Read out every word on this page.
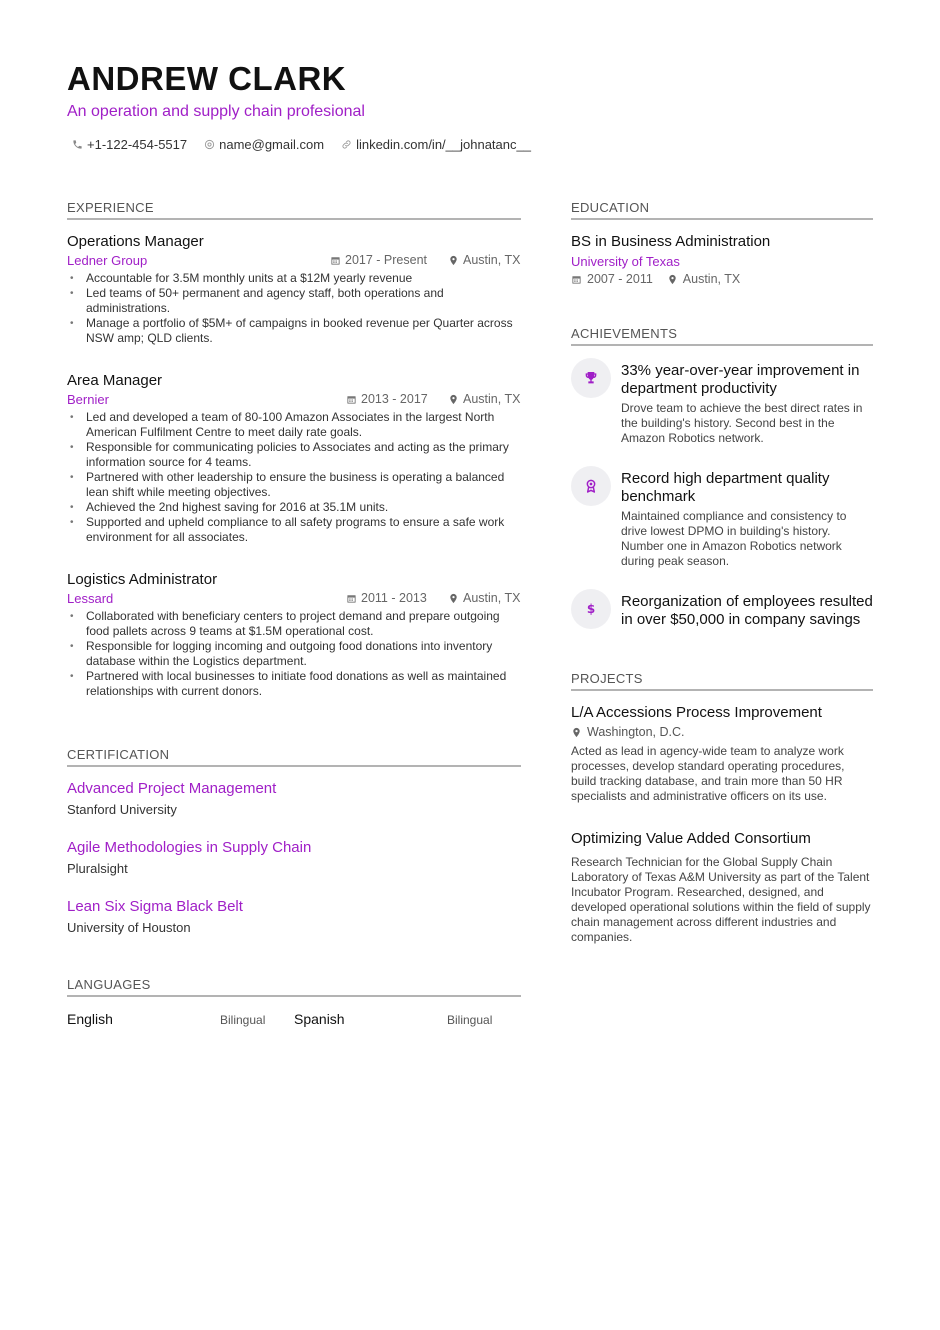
ANDREW CLARK
An operation and supply chain profesional
+1-122-454-5517 name@gmail.com linkedin.com/in/__johnatanc__
EXPERIENCE
Operations Manager
Ledner Group	2017 - Present	Austin, TX
• Accountable for 3.5M monthly units at a $12M yearly revenue
• Led teams of 50+ permanent and agency staff, both operations and administrations.
• Manage a portfolio of $5M+ of campaigns in booked revenue per Quarter across NSW amp; QLD clients.
Area Manager
Bernier	2013 - 2017	Austin, TX
• Led and developed a team of 80-100 Amazon Associates in the largest North American Fulfilment Centre to meet daily rate goals.
• Responsible for communicating policies to Associates and acting as the primary information source for 4 teams.
• Partnered with other leadership to ensure the business is operating a balanced lean shift while meeting objectives.
• Achieved the 2nd highest saving for 2016 at 35.1M units.
• Supported and upheld compliance to all safety programs to ensure a safe work environment for all associates.
Logistics Administrator
Lessard	2011 - 2013	Austin, TX
• Collaborated with beneficiary centers to project demand and prepare outgoing food pallets across 9 teams at $1.5M operational cost.
• Responsible for logging incoming and outgoing food donations into inventory database within the Logistics department.
• Partnered with local businesses to initiate food donations as well as maintained relationships with current donors.
CERTIFICATION
Advanced Project Management
Stanford University
Agile Methodologies in Supply Chain
Pluralsight
Lean Six Sigma Black Belt
University of Houston
LANGUAGES
English	Bilingual Spanish	Bilingual
EDUCATION
BS in Business Administration
University of Texas
2007 - 2011 Austin, TX
ACHIEVEMENTS
33% year-over-year improvement in department productivity
Drove team to achieve the best direct rates in the building's history. Second best in the Amazon Robotics network.
Record high department quality benchmark
Maintained compliance and consistency to drive lowest DPMO in building's history. Number one in Amazon Robotics network during peak season.
$ Reorganization of employees resulted in over $50,000 in company savings
PROJECTS
L/A Accessions Process Improvement
Washington, D.C.
Acted as lead in agency-wide team to analyze work processes, develop standard operating procedures, build tracking database, and train more than 50 HR specialists and administrative officers on its use.
Optimizing Value Added Consortium
Research Technician for the Global Supply Chain Laboratory of Texas A&M University as part of the Talent Incubator Program. Researched, designed, and developed operational solutions within the field of supply chain management across different industries and companies.
